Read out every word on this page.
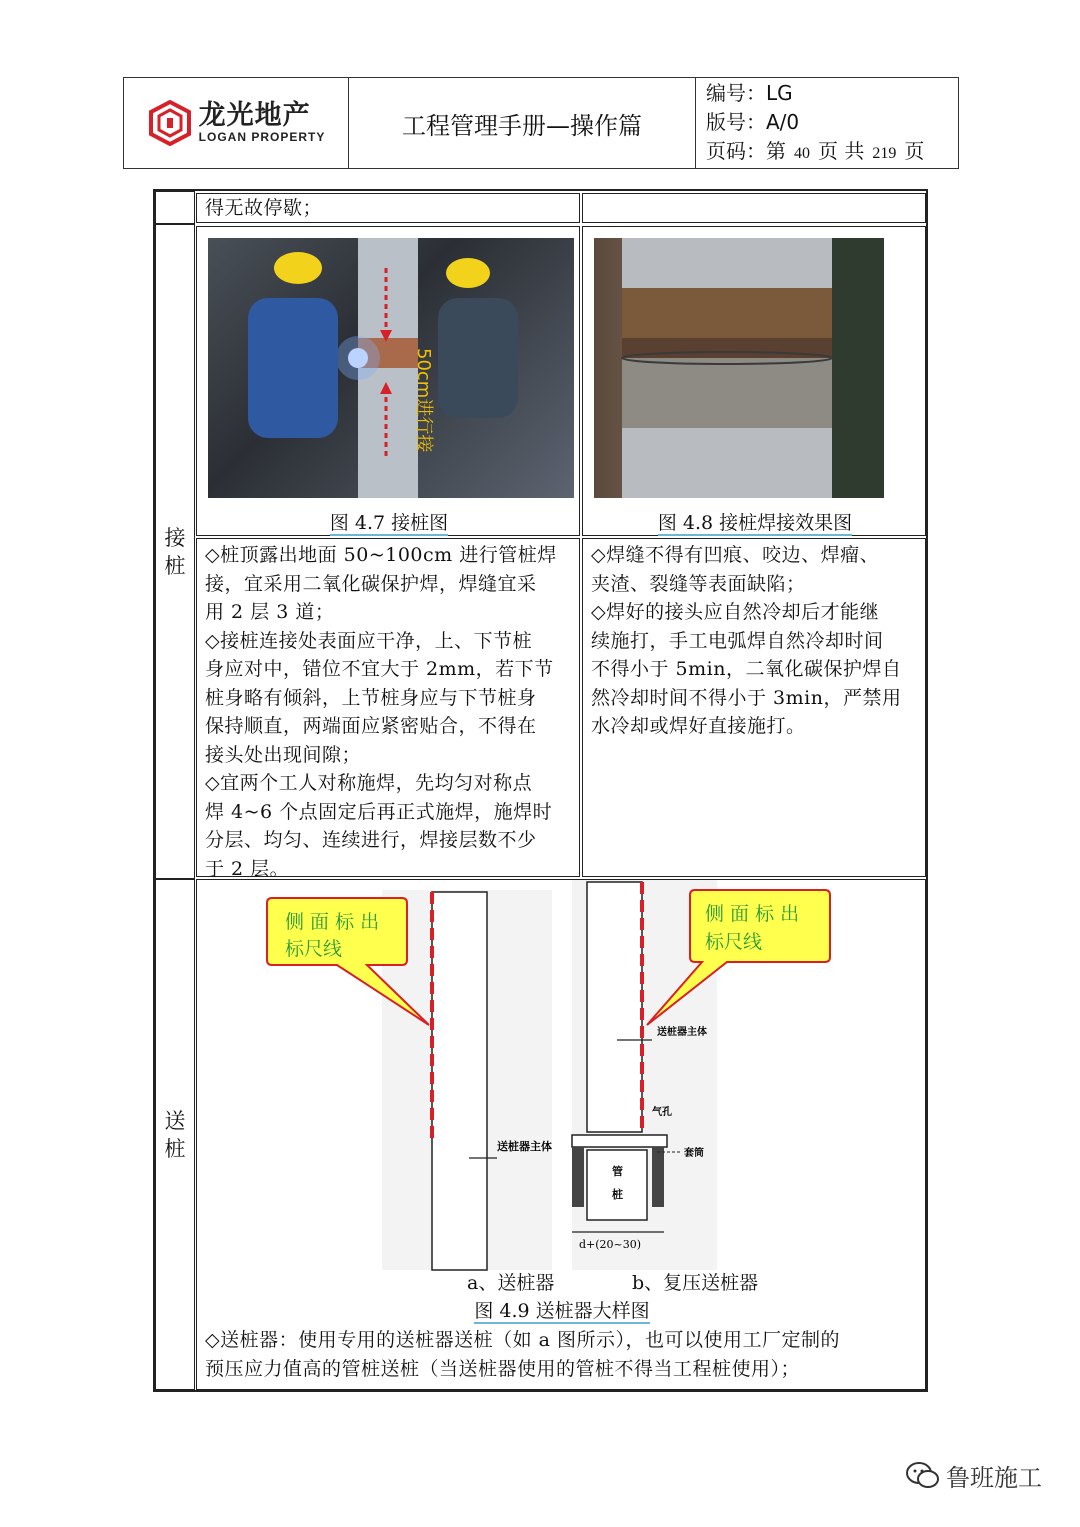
龙光地产
LOGAN PROPERTY	工程管理手册—操作篇
编号：LG
版号：A/0
页码：第 40 页 共 219 页
得无故停歇；
接
桩
50cm进行接
图 4.7 接桩图	图 4.8 接桩焊接效果图
◇桩顶露出地面 50~100cm 进行管桩焊
接，宜采用二氧化碳保护焊，焊缝宜采
用 2 层 3 道；
◇接桩连接处表面应干净，上、下节桩
身应对中，错位不宜大于 2mm，若下节
桩身略有倾斜，上节桩身应与下节桩身
保持顺直，两端面应紧密贴合，不得在
接头处出现间隙；
◇宜两个工人对称施焊，先均匀对称点
焊 4~6 个点固定后再正式施焊，施焊时
分层、均匀、连续进行，焊接层数不少
于 2 层。
◇焊缝不得有凹痕、咬边、焊瘤、
夹渣、裂缝等表面缺陷；
◇焊好的接头应自然冷却后才能继
续施打，手工电弧焊自然冷却时间
不得小于 5min，二氧化碳保护焊自
然冷却时间不得小于 3min，严禁用
水冷却或焊好直接施打。
送
桩	送桩器主体
侧 面 标 出
标尺线
送桩器主体
气孔
管
桩
套筒
d+(20~30)
侧 面 标 出
标尺线
a、送桩器	b、复压送桩器
图 4.9 送桩器大样图
◇送桩器：使用专用的送桩器送桩（如 a 图所示），也可以使用工厂定制的
预压应力值高的管桩送桩（当送桩器使用的管桩不得当工程桩使用）；
鲁班施工
